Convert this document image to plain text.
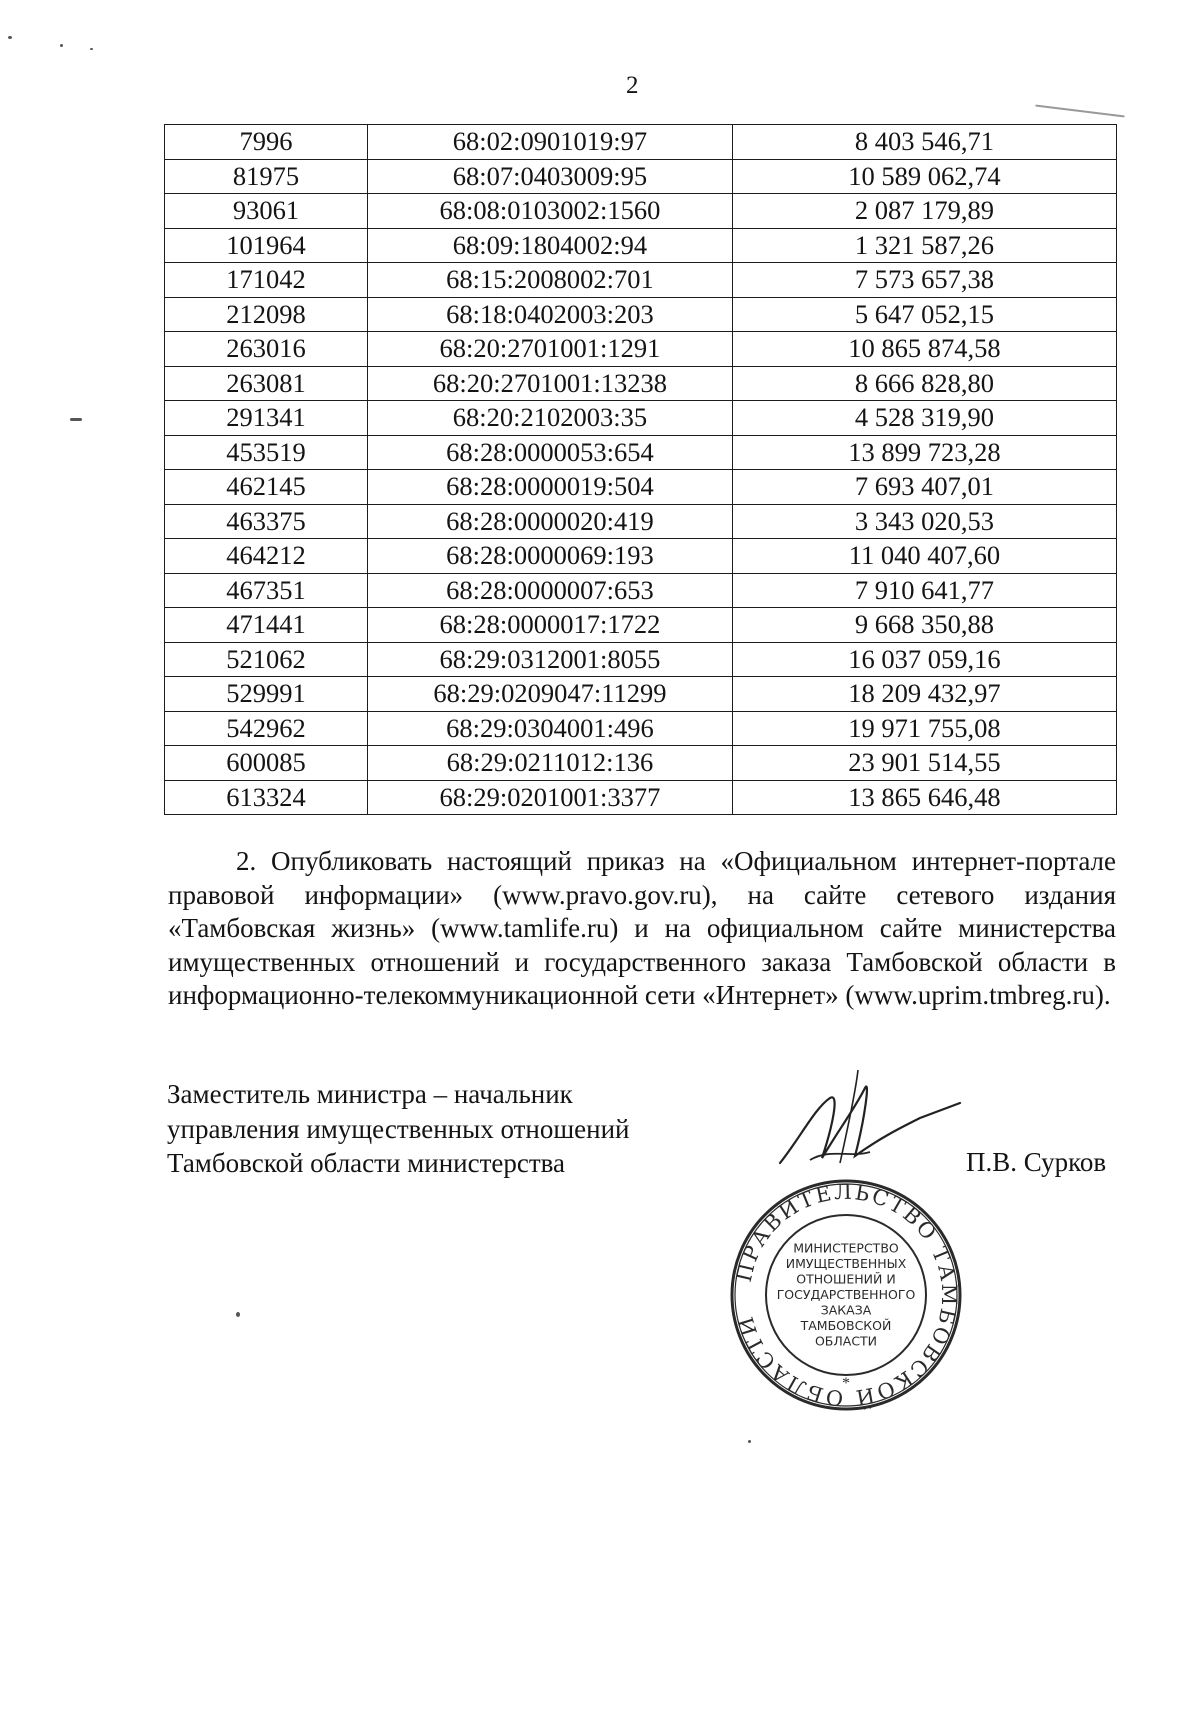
2
7996	68:02:0901019:97	8 403 546,71
81975	68:07:0403009:95	10 589 062,74
93061	68:08:0103002:1560	2 087 179,89
101964	68:09:1804002:94	1 321 587,26
171042	68:15:2008002:701	7 573 657,38
212098	68:18:0402003:203	5 647 052,15
263016	68:20:2701001:1291	10 865 874,58
263081	68:20:2701001:13238	8 666 828,80
291341	68:20:2102003:35	4 528 319,90
453519	68:28:0000053:654	13 899 723,28
462145	68:28:0000019:504	7 693 407,01
463375	68:28:0000020:419	3 343 020,53
464212	68:28:0000069:193	11 040 407,60
467351	68:28:0000007:653	7 910 641,77
471441	68:28:0000017:1722	9 668 350,88
521062	68:29:0312001:8055	16 037 059,16
529991	68:29:0209047:11299	18 209 432,97
542962	68:29:0304001:496	19 971 755,08
600085	68:29:0211012:136	23 901 514,55
613324	68:29:0201001:3377	13 865 646,48

2. Опубликовать настоящий приказ на «Официальном интернет-портале правовой информации» (www.pravo.gov.ru), на сайте сетевого издания «Тамбовская жизнь» (www.tamlife.ru) и на официальном сайте министерства имущественных отношений и государственного заказа Тамбовской области в информационно-телекоммуникационной сети «Интернет» (www.uprim.tmbreg.ru).

Заместитель министра – начальник
управления имущественных отношений
Тамбовской области министерства	П.В. Сурков
ПРАВИТЕЛЬСТВО ТАМБОВСКОЙ ОБЛАСТИ
*
МИНИСТЕРСТВО
ИМУЩЕСТВЕННЫХ
ОТНОШЕНИЙ И
ГОСУДАРСТВЕННОГО
ЗАКАЗА
ТАМБОВСКОЙ
ОБЛАСТИ
